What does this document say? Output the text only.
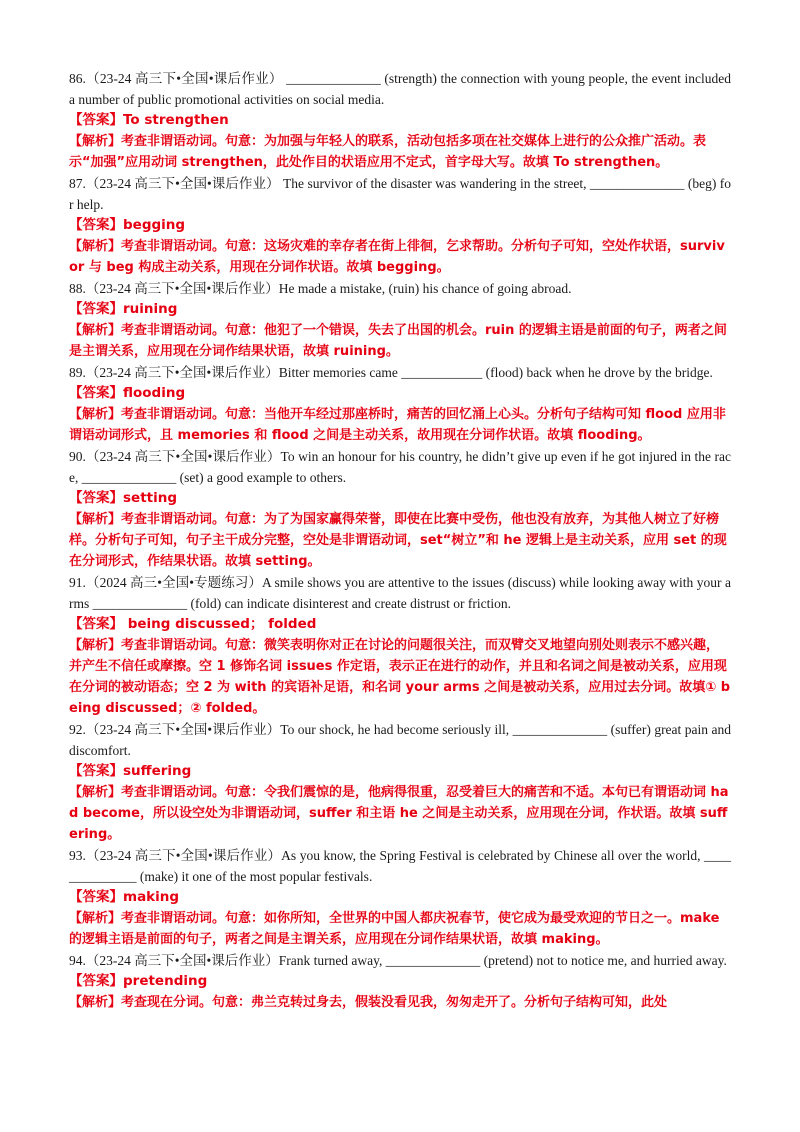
86.（23-24 高三下•全国•课后作业） ______________ (strength) the connection with young people, the event included a number of public promotional activities on social media.
【答案】To strengthen
【解析】考查非谓语动词。句意：为加强与年轻人的联系，活动包括多项在社交媒体上进行的公众推广活动。表示“加强”应用动词 strengthen，此处作目的状语应用不定式，首字母大写。故填 To strengthen。
87.（23-24 高三下•全国•课后作业） The survivor of the disaster was wandering in the street, ______________ (beg) for help.
【答案】begging
【解析】考查非谓语动词。句意：这场灾难的幸存者在街上徘徊，乞求帮助。分析句子可知，空处作状语，survivor 与 beg 构成主动关系，用现在分词作状语。故填 begging。
88.（23-24 高三下•全国•课后作业）He made a mistake, (ruin) his chance of going abroad.
【答案】ruining
【解析】考查非谓语动词。句意：他犯了一个错误，失去了出国的机会。ruin 的逻辑主语是前面的句子，两者之间是主谓关系，应用现在分词作结果状语，故填 ruining。
89.（23-24 高三下•全国•课后作业）Bitter memories came ____________ (flood) back when he drove by the bridge.
【答案】flooding
【解析】考查非谓语动词。句意：当他开车经过那座桥时，痛苦的回忆涌上心头。分析句子结构可知 flood 应用非谓语动词形式，且 memories 和 flood 之间是主动关系，故用现在分词作状语。故填 flooding。
90.（23-24 高三下•全国•课后作业）To win an honour for his country, he didn’t give up even if he got injured in the race, ______________ (set) a good example to others.
【答案】setting
【解析】考查非谓语动词。句意：为了为国家赢得荣誉，即使在比赛中受伤，他也没有放弃，为其他人树立了好榜样。分析句子可知，句子主干成分完整，空处是非谓语动词，set“树立”和 he 逻辑上是主动关系，应用 set 的现在分词形式，作结果状语。故填 setting。
91.（2024 高三•全国•专题练习）A smile shows you are attentive to the issues (discuss) while looking away with your arms ______________ (fold) can indicate disinterest and create distrust or friction.
【答案】 being discussed； folded
【解析】考查非谓语动词。句意：微笑表明你对正在讨论的问题很关注，而双臂交叉地望向别处则表示不感兴趣，并产生不信任或摩擦。空 1 修饰名词 issues 作定语，表示正在进行的动作，并且和名词之间是被动关系，应用现在分词的被动语态；空 2 为 with 的宾语补足语，和名词 your arms 之间是被动关系，应用过去分词。故填① being discussed；② folded。
92.（23-24 高三下•全国•课后作业）To our shock, he had become seriously ill, ______________ (suffer) great pain and discomfort.
【答案】suffering
【解析】考查非谓语动词。句意：令我们震惊的是，他病得很重，忍受着巨大的痛苦和不适。本句已有谓语动词 had become，所以设空处为非谓语动词，suffer 和主语 he 之间是主动关系，应用现在分词，作状语。故填 suffering。
93.（23-24 高三下•全国•课后作业）As you know, the Spring Festival is celebrated by Chinese all over the world, ______________ (make) it one of the most popular festivals.
【答案】making
【解析】考查非谓语动词。句意：如你所知，全世界的中国人都庆祝春节，使它成为最受欢迎的节日之一。make 的逻辑主语是前面的句子，两者之间是主谓关系，应用现在分词作结果状语，故填 making。
94.（23-24 高三下•全国•课后作业）Frank turned away, ______________ (pretend) not to notice me, and hurried away.
【答案】pretending
【解析】考查现在分词。句意：弗兰克转过身去，假装没看见我，匆匆走开了。分析句子结构可知，此处
